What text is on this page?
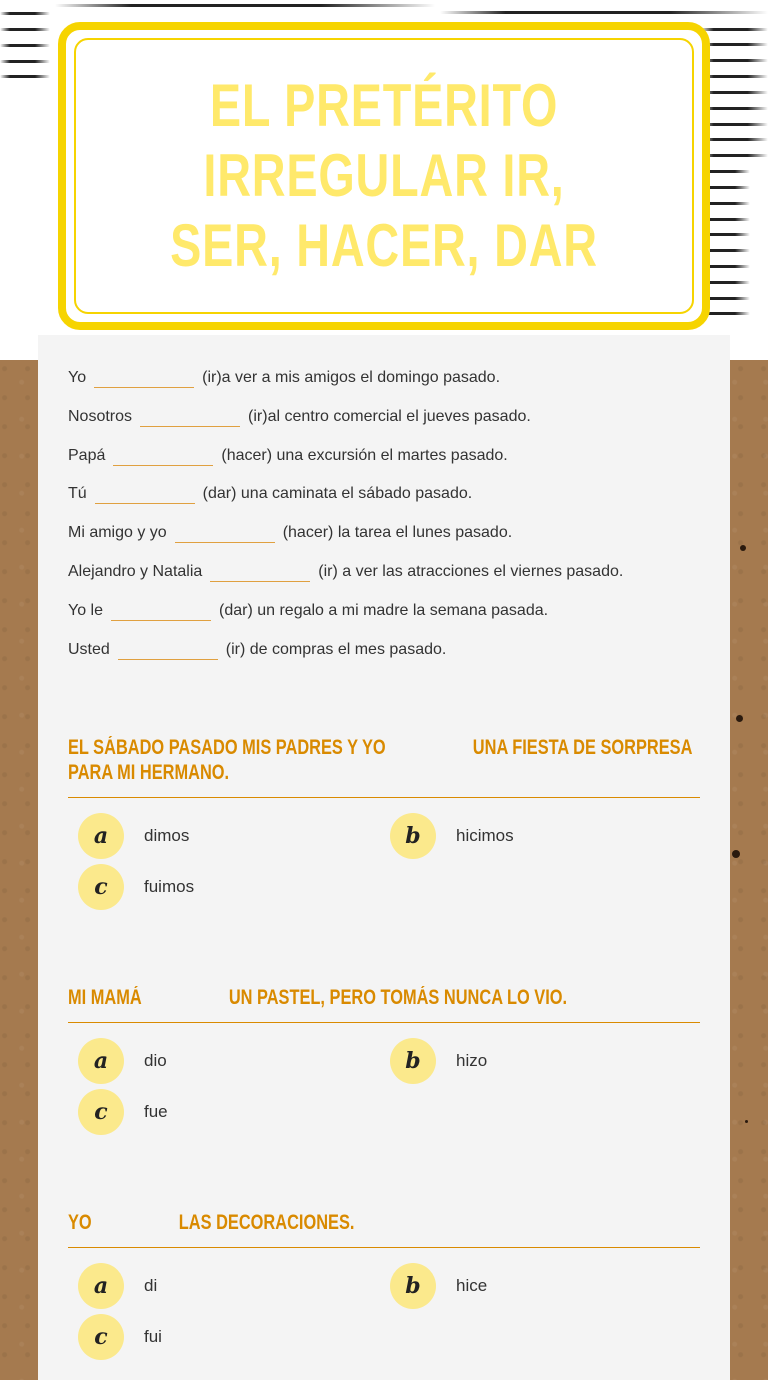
EL PRETÉRITO IRREGULAR IR, SER, HACER, DAR
Yo	(ir)a ver a mis amigos el domingo pasado.
Nosotros	(ir)al centro comercial el jueves pasado.
Papá	(hacer) una excursión el martes pasado.
Tú	(dar) una caminata el sábado pasado.
Mi amigo y yo	(hacer) la tarea el lunes pasado.
Alejandro y Natalia	(ir) a ver las atracciones el viernes pasado.
Yo le	(dar) un regalo a mi madre la semana pasada.
Usted	(ir) de compras el mes pasado.
EL SÁBADO PASADO MIS PADRES Y YO	UNA FIESTA DE SORPRESA PARA MI HERMANO.
a	dimos	b	hicimos
c	fuimos
MI MAMÁ	UN PASTEL, PERO TOMÁS NUNCA LO VIO.
a	dio	b	hizo
c	fue
YO	LAS DECORACIONES.
a	di	b	hice
c	fui
